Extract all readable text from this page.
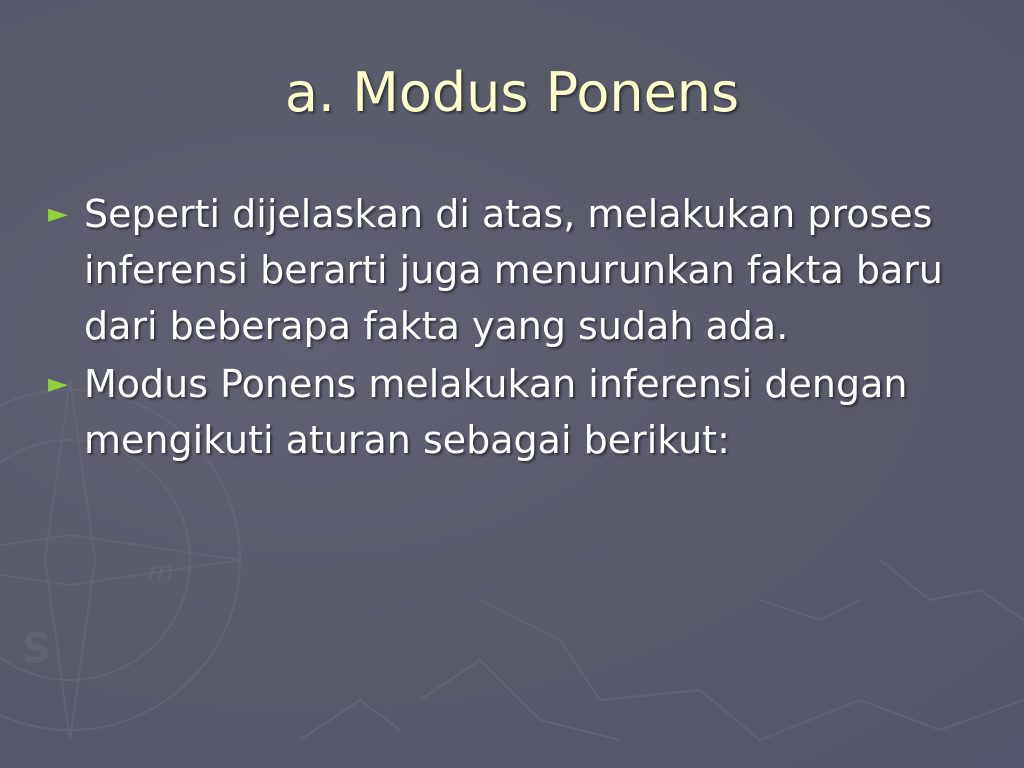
S
m
a. Modus Ponens
► Seperti dijelaskan di atas, melakukan proses inferensi berarti juga menurunkan fakta baru dari beberapa fakta yang sudah ada.
► Modus Ponens melakukan inferensi dengan mengikuti aturan sebagai berikut:
